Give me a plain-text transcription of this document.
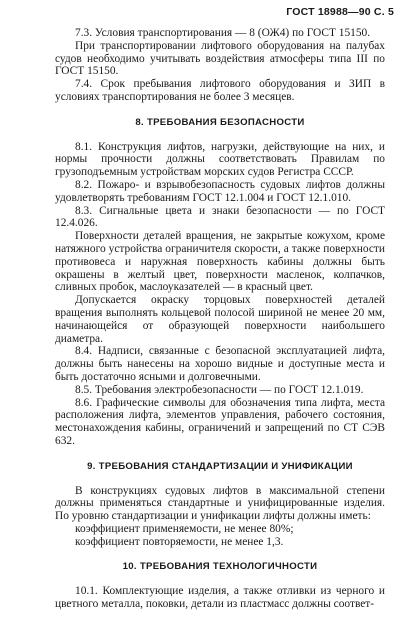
ГОСТ 18988—90 С. 5

7.3. Условия транспортирования — 8 (ОЖ4) по ГОСТ 15150.

При транспортировании лифтового оборудования на палубах судов необходимо учитывать воздействия атмосферы типа III по ГОСТ 15150.

7.4. Срок пребывания лифтового оборудования и ЗИП в условиях транспортирования не более 3 месяцев.

8. ТРЕБОВАНИЯ БЕЗОПАСНОСТИ

8.1. Конструкция лифтов, нагрузки, действующие на них, и нормы прочности должны соответствовать Правилам по грузоподъемным устройствам морских судов Регистра СССР.

8.2. Пожаро- и взрывобезопасность судовых лифтов должны удовлетворять требованиям ГОСТ 12.1.004 и ГОСТ 12.1.010.

8.3. Сигнальные цвета и знаки безопасности — по ГОСТ 12.4.026.

Поверхности деталей вращения, не закрытые кожухом, кроме натяжного устройства ограничителя скорости, а также поверхности противовеса и наружная поверхность кабины должны быть окрашены в желтый цвет, поверхности масленок, колпачков, сливных пробок, маслоуказателей — в красный цвет.

Допускается окраску торцовых поверхностей деталей вращения выполнять кольцевой полосой шириной не менее 20 мм, начинающейся от образующей поверхности наибольшего диаметра.

8.4. Надписи, связанные с безопасной эксплуатацией лифта, должны быть нанесены на хорошо видные и доступные места и быть достаточно ясными и долговечными.

8.5. Требования электробезопасности — по ГОСТ 12.1.019.

8.6. Графические символы для обозначения типа лифта, места расположения лифта, элементов управления, рабочего состояния, местонахождения кабины, ограничений и запрещений по СТ СЭВ 632.

9. ТРЕБОВАНИЯ СТАНДАРТИЗАЦИИ И УНИФИКАЦИИ

В конструкциях судовых лифтов в максимальной степени должны применяться стандартные и унифицированные изделия. По уровню стандартизации и унификации лифты должны иметь:

коэффициент применяемости, не менее 80%;

коэффициент повторяемости, не менее 1,3.

10. ТРЕБОВАНИЯ ТЕХНОЛОГИЧНОСТИ

10.1. Комплектующие изделия, а также отливки из черного и цветного металла, поковки, детали из пластмасс должны соответ-
